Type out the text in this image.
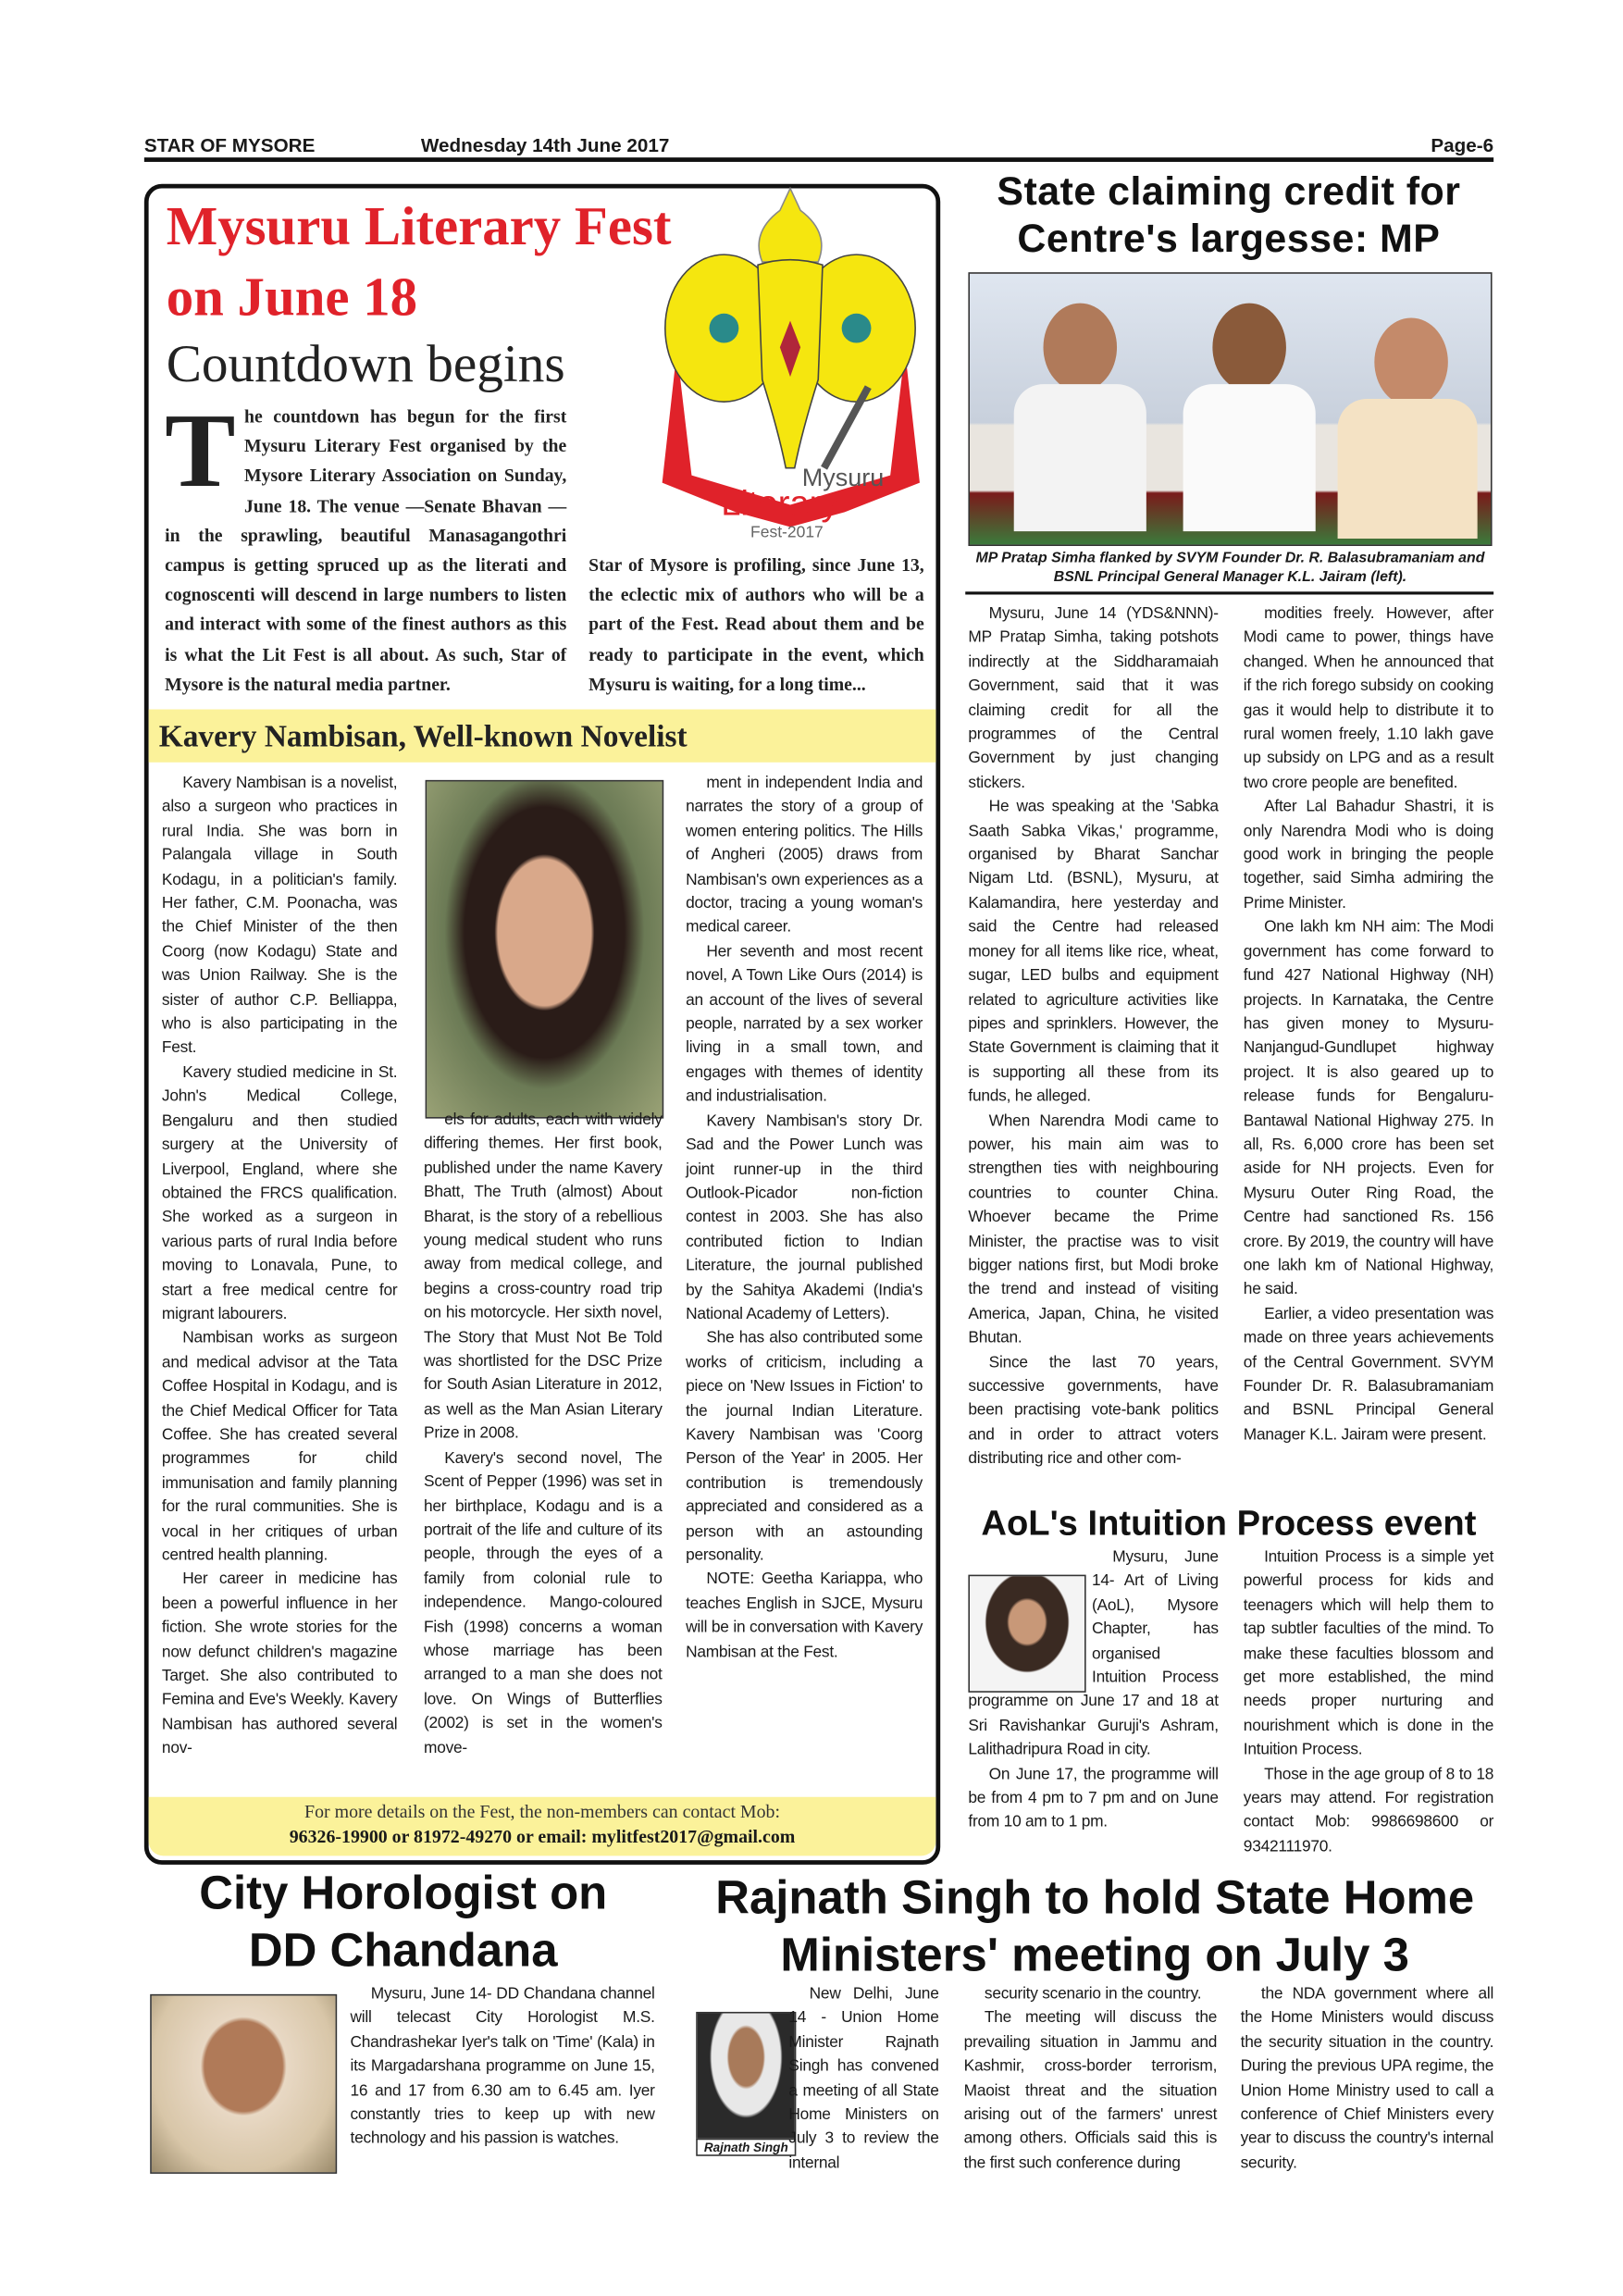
STAR OF MYSORE	Wednesday 14th June 2017	Page-6
Mysuru Literary Fest
on June 18
Countdown begins
Mysuru
Literary
Fest-2017
The countdown has begun for the first Mysuru Literary Fest organised by the Mysore Literary Association on Sunday, June 18. The venue —Senate Bhavan — in the sprawling, beautiful Manasagangothri campus is getting spruced up as the literati and cognoscenti will descend in large numbers to listen and interact with some of the finest authors as this is what the Lit Fest is all about. As such, Star of Mysore is the natural media partner.
Star of Mysore is profiling, since June 13, the eclectic mix of authors who will be a part of the Fest. Read about them and be ready to participate in the event, which Mysuru is waiting, for a long time...
Kavery Nambisan, Well-known Novelist

Kavery Nambisan is a novelist, also a surgeon who practices in rural India. She was born in Palangala village in South Kodagu, in a politician's family. Her father, C.M. Poonacha, was the Chief Minister of the then Coorg (now Kodagu) State and was Union Railway. She is the sister of author C.P. Belliappa, who is also participating in the Fest.

Kavery studied medicine in St. John's Medical College, Bengaluru and then studied surgery at the University of Liverpool, England, where she obtained the FRCS qualification. She worked as a surgeon in various parts of rural India before moving to Lonavala, Pune, to start a free medical centre for migrant labourers.

Nambisan works as surgeon and medical advisor at the Tata Coffee Hospital in Kodagu, and is the Chief Medical Officer for Tata Coffee. She has created several programmes for child immunisation and family planning for the rural communities. She is vocal in her critiques of urban centred health planning.

Her career in medicine has been a powerful influence in her fiction. She wrote stories for the now defunct children's magazine Target. She also contributed to Femina and Eve's Weekly. Kavery Nambisan has authored several nov-

els for adults, each with widely differing themes. Her first book, published under the name Kavery Bhatt, The Truth (almost) About Bharat, is the story of a rebellious young medical student who runs away from medical college, and begins a cross-country road trip on his motorcycle. Her sixth novel, The Story that Must Not Be Told was shortlisted for the DSC Prize for South Asian Literature in 2012, as well as the Man Asian Literary Prize in 2008.

Kavery's second novel, The Scent of Pepper (1996) was set in her birthplace, Kodagu and is a portrait of the life and culture of its people, through the eyes of a family from colonial rule to independence. Mango-coloured Fish (1998) concerns a woman whose marriage has been arranged to a man she does not love. On Wings of Butterflies (2002) is set in the women's move-

ment in independent India and narrates the story of a group of women entering politics. The Hills of Angheri (2005) draws from Nambisan's own experiences as a doctor, tracing a young woman's medical career.

Her seventh and most recent novel, A Town Like Ours (2014) is an account of the lives of several people, narrated by a sex worker living in a small town, and engages with themes of identity and industrialisation.

Kavery Nambisan's story Dr. Sad and the Power Lunch was joint runner-up in the third Outlook-Picador non-fiction contest in 2003. She has also contributed fiction to Indian Literature, the journal published by the Sahitya Akademi (India's National Academy of Letters).

She has also contributed some works of criticism, including a piece on 'New Issues in Fiction' to the journal Indian Literature. Kavery Nambisan was 'Coorg Person of the Year' in 2005. Her contribution is tremendously appreciated and considered as a person with an astounding personality.

NOTE: Geetha Kariappa, who teaches English in SJCE, Mysuru will be in conversation with Kavery Nambisan at the Fest.

For more details on the Fest, the non-members can contact Mob:
96326-19900 or 81972-49270 or email: mylitfest2017@gmail.com
State claiming credit for
Centre's largesse: MP
MP Pratap Simha flanked by SVYM Founder Dr. R. Balasubramaniam and BSNL Principal General Manager K.L. Jairam (left).

Mysuru, June 14 (YDS&NNN)- MP Pratap Simha, taking potshots indirectly at the Siddharamaiah Government, said that it was claiming credit for all the programmes of the Central Government by just changing stickers.

He was speaking at the 'Sabka Saath Sabka Vikas,' programme, organised by Bharat Sanchar Nigam Ltd. (BSNL), Mysuru, at Kalamandira, here yesterday and said the Centre had released money for all items like rice, wheat, sugar, LED bulbs and equipment related to agriculture activities like pipes and sprinklers. However, the State Government is claiming that it is supporting all these from its funds, he alleged.

When Narendra Modi came to power, his main aim was to strengthen ties with neighbouring countries to counter China. Whoever became the Prime Minister, the practise was to visit bigger nations first, but Modi broke the trend and instead of visiting America, Japan, China, he visited Bhutan.

Since the last 70 years, successive governments, have been practising vote-bank politics and in order to attract voters distributing rice and other com-

modities freely. However, after Modi came to power, things have changed. When he announced that if the rich forego subsidy on cooking gas it would help to distribute it to rural women freely, 1.10 lakh gave up subsidy on LPG and as a result two crore people are benefited.

After Lal Bahadur Shastri, it is only Narendra Modi who is doing good work in bringing the people together, said Simha admiring the Prime Minister.

One lakh km NH aim: The Modi government has come forward to fund 427 National Highway (NH) projects. In Karnataka, the Centre has given money to Mysuru-Nanjangud-Gundlupet highway project. It is also geared up to release funds for Bengaluru-Bantawal National Highway 275. In all, Rs. 6,000 crore has been set aside for NH projects. Even for Mysuru Outer Ring Road, the Centre had sanctioned Rs. 156 crore. By 2019, the country will have one lakh km of National Highway, he said.

Earlier, a video presentation was made on three years achievements of the Central Government. SVYM Founder Dr. R. Balasubramaniam and BSNL Principal General Manager K.L. Jairam were present.

AoL's Intuition Process event

Mysuru, June 14- Art of Living (AoL), Mysore Chapter, has organised Intuition Process programme on June 17 and 18 at Sri Ravishankar Guruji's Ashram, Lalithadripura Road in city.

On June 17, the programme will be from 4 pm to 7 pm and on June from 10 am to 1 pm.

Intuition Process is a simple yet powerful process for kids and teenagers which will help them to tap subtler faculties of the mind. To make these faculties blossom and get more established, the mind needs proper nurturing and nourishment which is done in the Intuition Process.

Those in the age group of 8 to 18 years may attend. For registration contact Mob: 9986698600 or 9342111970.

City Horologist on
DD Chandana

Mysuru, June 14- DD Chandana channel will telecast City Horologist M.S. Chandrashekar Iyer's talk on 'Time' (Kala) in its Margadarshana programme on June 15, 16 and 17 from 6.30 am to 6.45 am. Iyer constantly tries to keep up with new technology and his passion is watches.

Rajnath Singh to hold State Home
Ministers' meeting on July 3
Rajnath Singh

New Delhi, June 14 - Union Home Minister Rajnath Singh has convened a meeting of all State Home Ministers on July 3 to review the internal

security scenario in the country.

The meeting will discuss the prevailing situation in Jammu and Kashmir, cross-border terrorism, Maoist threat and the situation arising out of the farmers' unrest among others. Officials said this is the first such conference during

the NDA government where all the Home Ministers would discuss the security situation in the country. During the previous UPA regime, the Union Home Ministry used to call a conference of Chief Ministers every year to discuss the country's internal security.
